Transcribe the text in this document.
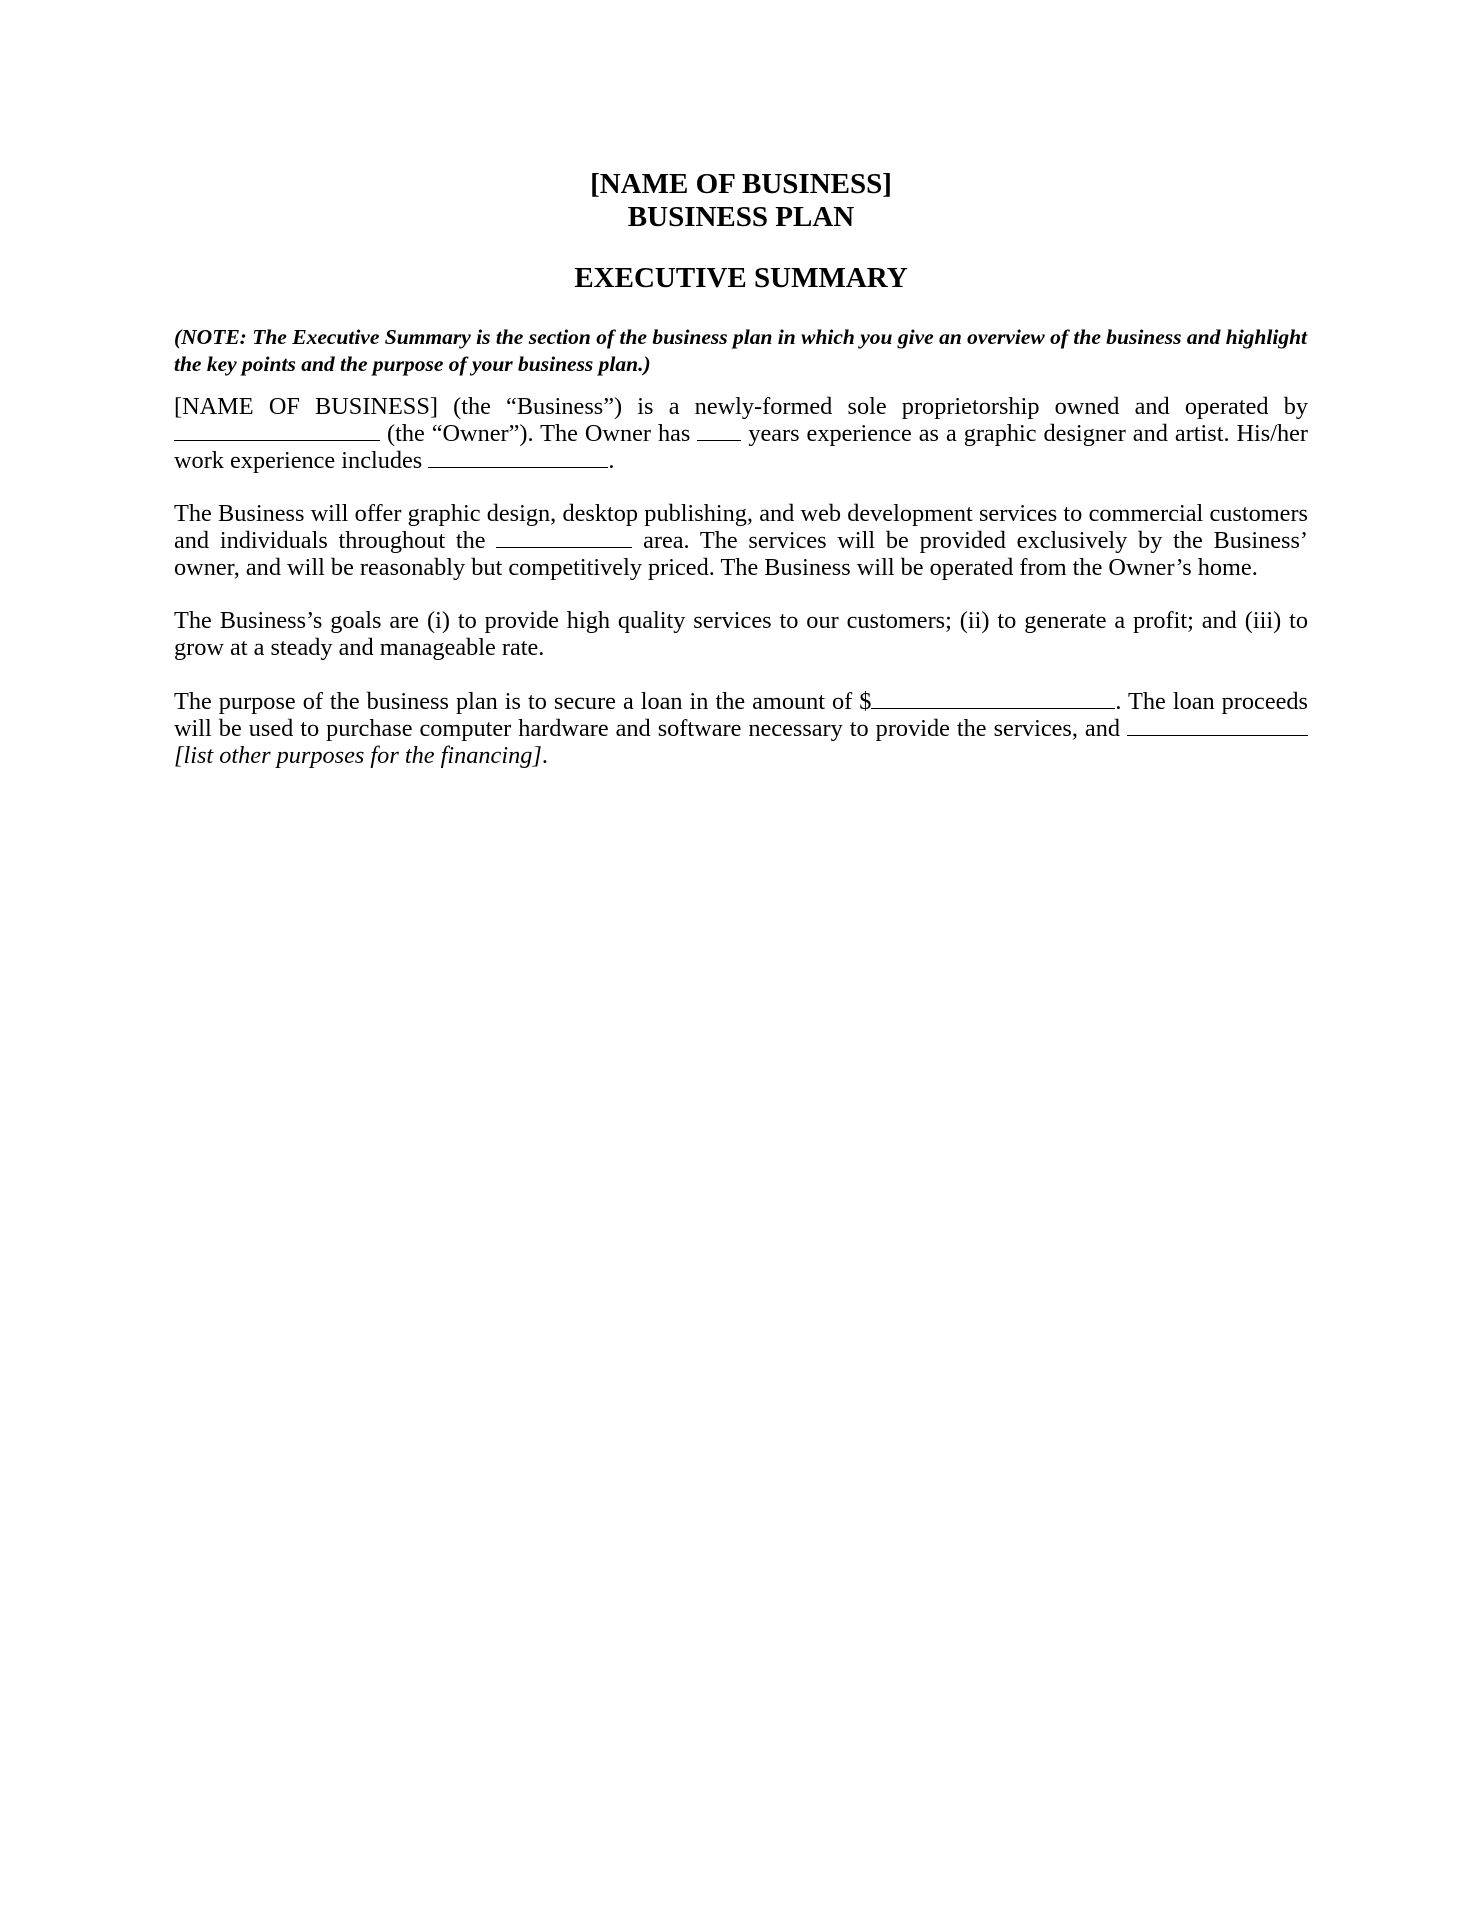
[NAME OF BUSINESS]
BUSINESS PLAN
EXECUTIVE SUMMARY
(NOTE: The Executive Summary is the section of the business plan in which you give an overview of the business and highlight the key points and the purpose of your business plan.)

[NAME OF BUSINESS] (the “Business”) is a newly-formed sole proprietorship owned and operated by  (the “Owner”). The Owner has years experience as a graphic designer and artist. His/her work experience includes	.

The Business will offer graphic design, desktop publishing, and web development services to commercial customers and individuals throughout the	area. The services will be provided exclusively by the Business’ owner, and will be reasonably but competitively priced. The Business will be operated from the Owner’s home.

The Business’s goals are (i) to provide high quality services to our customers; (ii) to generate a profit; and (iii) to grow at a steady and manageable rate.

The purpose of the business plan is to secure a loan in the amount of $	. The loan proceeds will be used to purchase computer hardware and software necessary to provide the services, and  [list other purposes for the financing].
